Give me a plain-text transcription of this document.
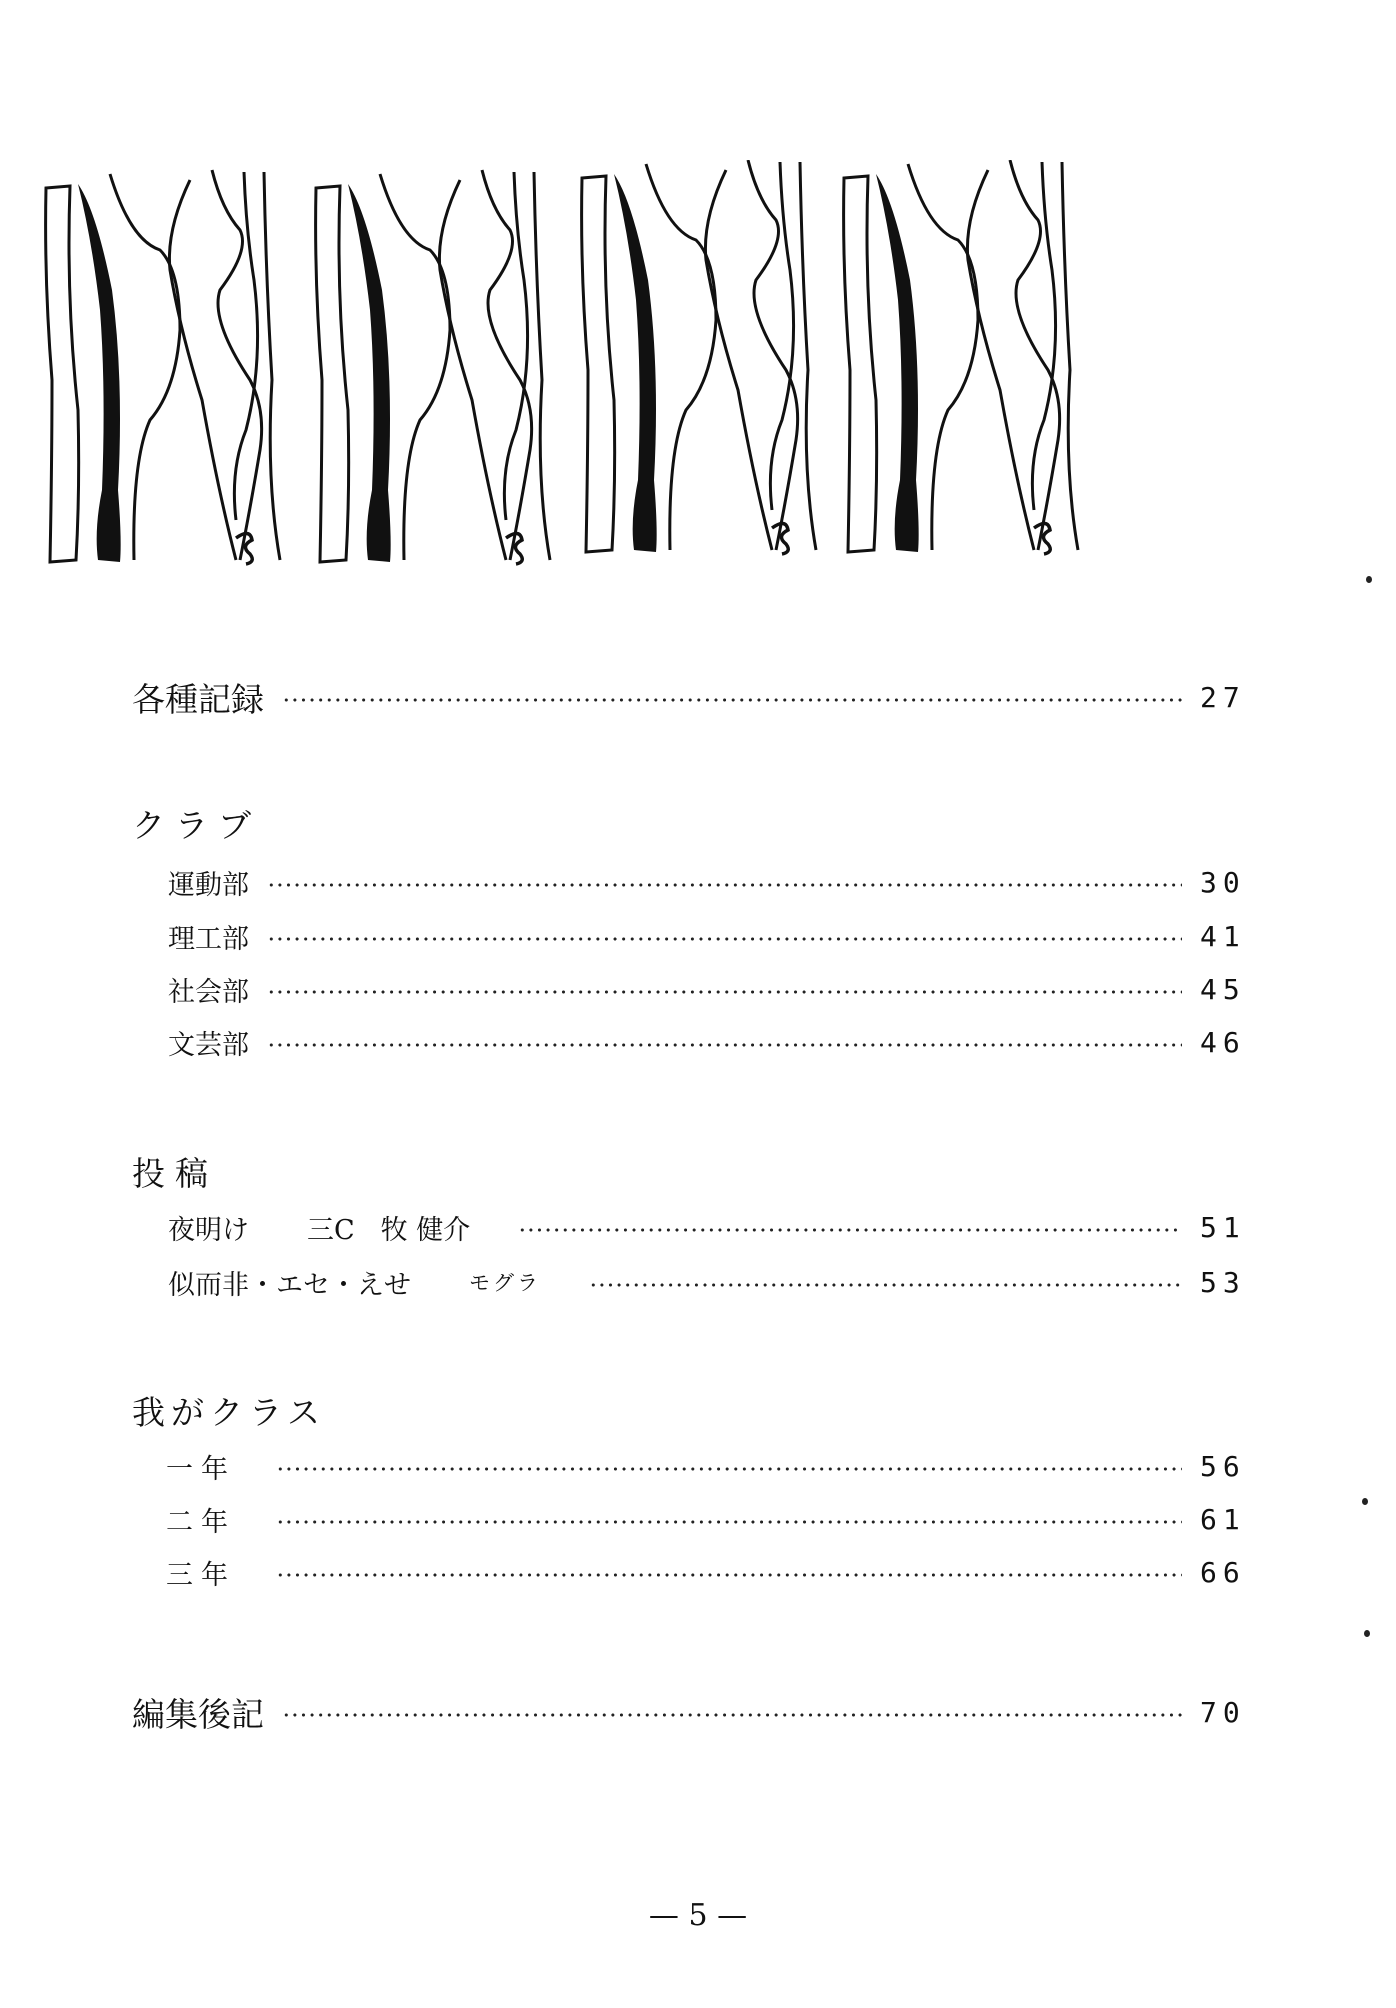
各種記録	27
クラブ
運動部	30
理工部	41
社会部	45
文芸部	46
投稿
夜明け 三C 牧 健介	51
似而非・エセ・えせ	モグラ	53
我がクラス
一年	56
二年	61
三年	66
編集後記	70
— 5 —
